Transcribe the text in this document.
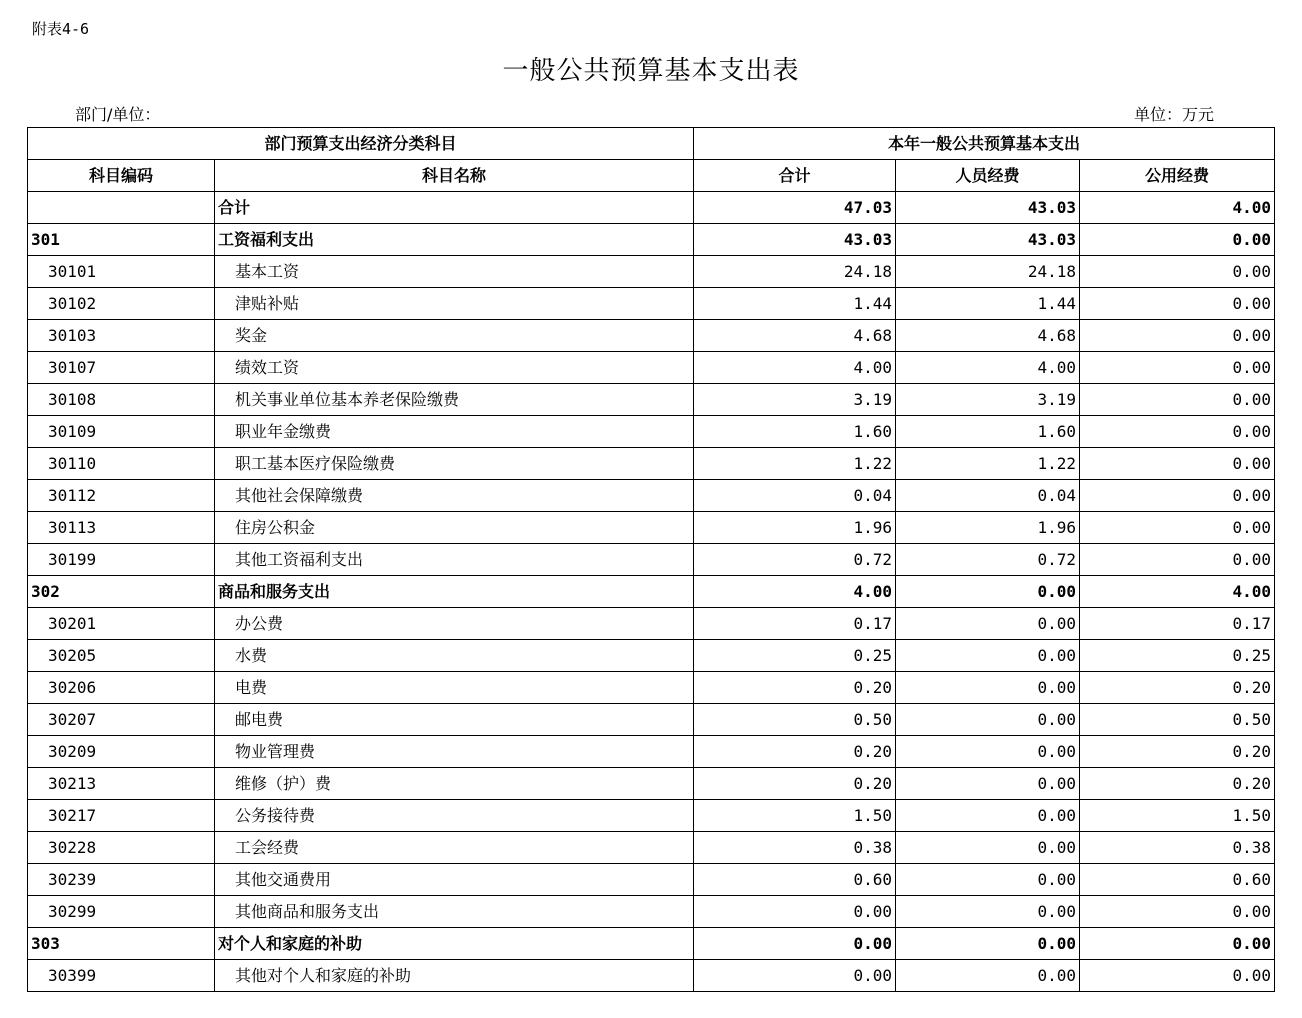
附表4-6
一般公共预算基本支出表
部门/单位：	单位：万元
部门预算支出经济分类科目		本年一般公共预算基本支出		
科目编码	科目名称	合计	人员经费	公用经费
	合计	47.03	43.03	4.00
301	工资福利支出	43.03	43.03	0.00
30101	基本工资	24.18	24.18	0.00
30102	津贴补贴	1.44	1.44	0.00
30103	奖金	4.68	4.68	0.00
30107	绩效工资	4.00	4.00	0.00
30108	机关事业单位基本养老保险缴费	3.19	3.19	0.00
30109	职业年金缴费	1.60	1.60	0.00
30110	职工基本医疗保险缴费	1.22	1.22	0.00
30112	其他社会保障缴费	0.04	0.04	0.00
30113	住房公积金	1.96	1.96	0.00
30199	其他工资福利支出	0.72	0.72	0.00
302	商品和服务支出	4.00	0.00	4.00
30201	办公费	0.17	0.00	0.17
30205	水费	0.25	0.00	0.25
30206	电费	0.20	0.00	0.20
30207	邮电费	0.50	0.00	0.50
30209	物业管理费	0.20	0.00	0.20
30213	维修（护）费	0.20	0.00	0.20
30217	公务接待费	1.50	0.00	1.50
30228	工会经费	0.38	0.00	0.38
30239	其他交通费用	0.60	0.00	0.60
30299	其他商品和服务支出	0.00	0.00	0.00
303	对个人和家庭的补助	0.00	0.00	0.00
30399	其他对个人和家庭的补助	0.00	0.00	0.00
